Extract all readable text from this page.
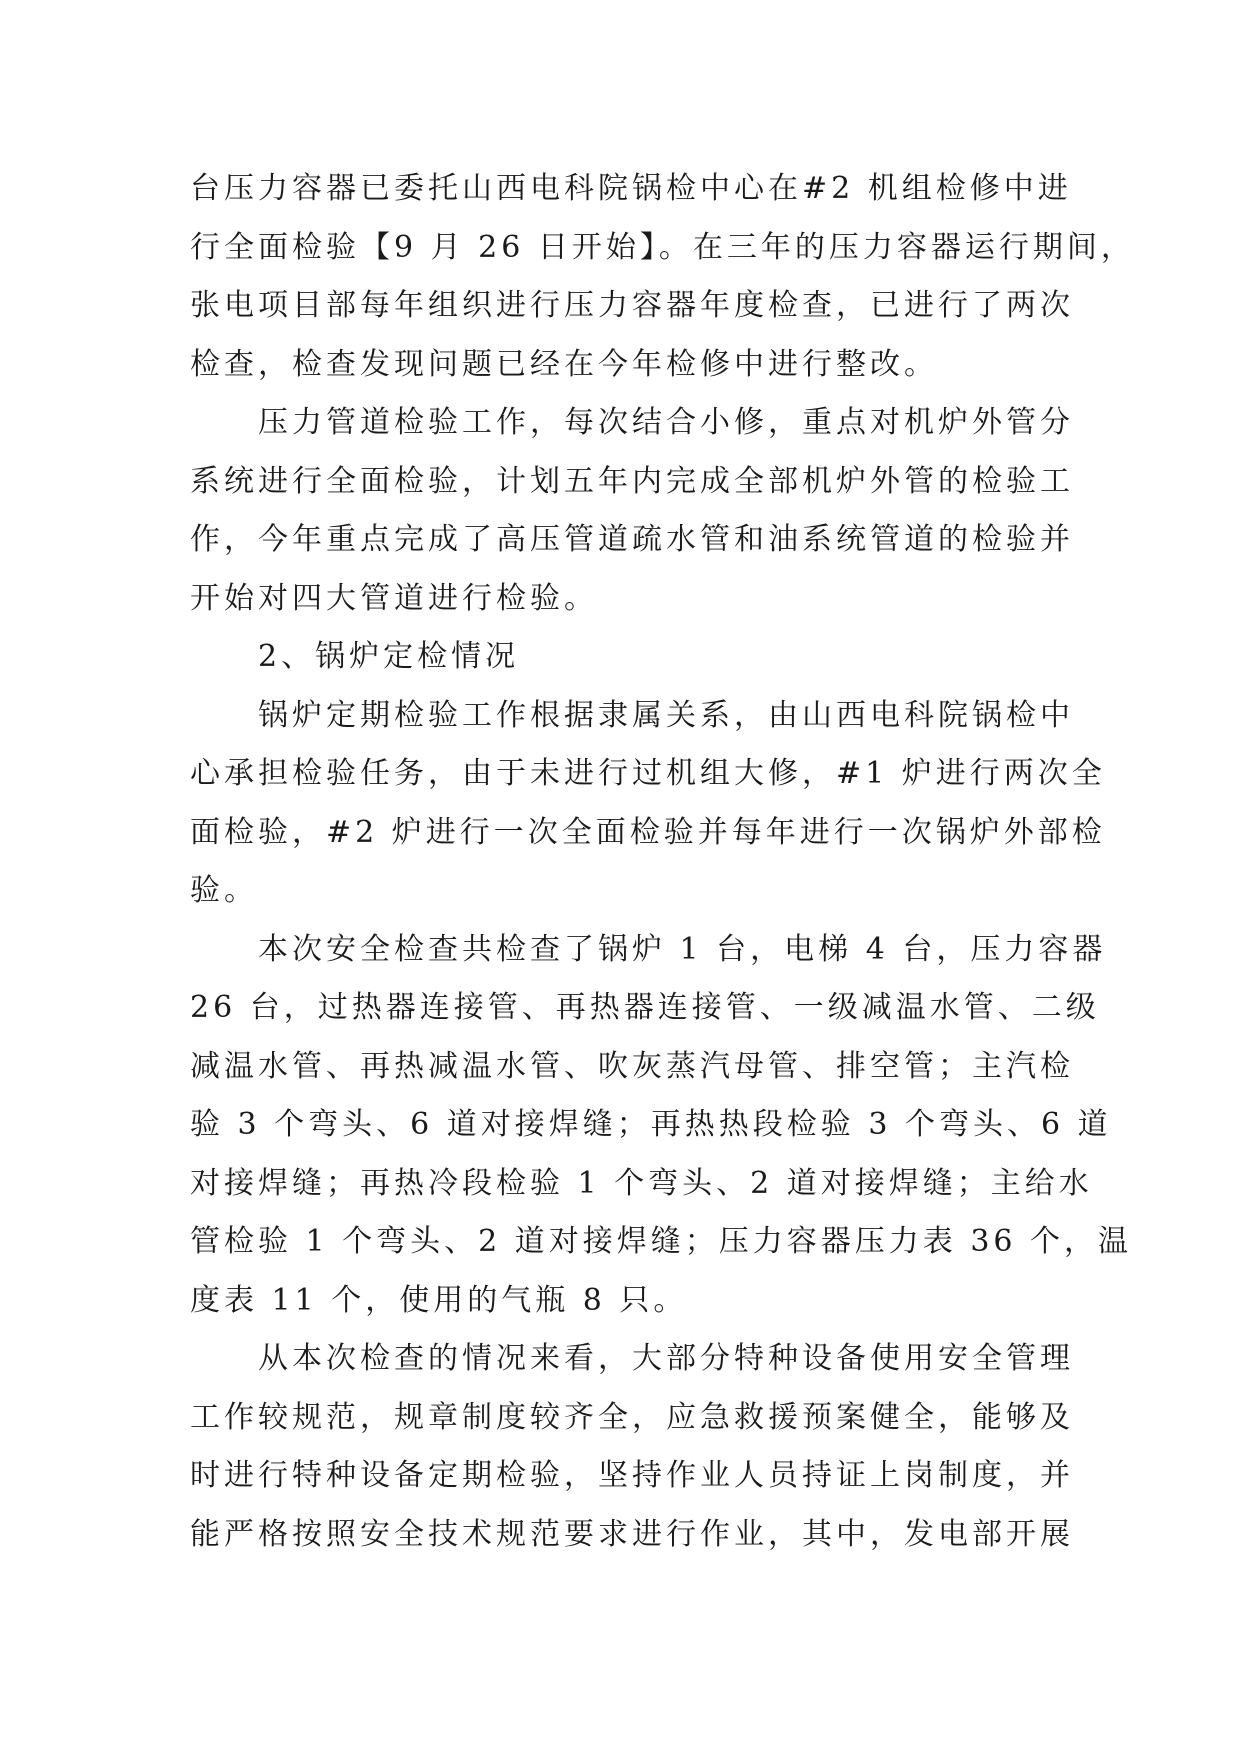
台压力容器已委托山西电科院锅检中心在#2 机组检修中进
行全面检验【9 月 26 日开始】。在三年的压力容器运行期间，
张电项目部每年组织进行压力容器年度检查，已进行了两次
检查，检查发现问题已经在今年检修中进行整改。
压力管道检验工作，每次结合小修，重点对机炉外管分
系统进行全面检验，计划五年内完成全部机炉外管的检验工
作，今年重点完成了高压管道疏水管和油系统管道的检验并
开始对四大管道进行检验。
2、锅炉定检情况
锅炉定期检验工作根据隶属关系，由山西电科院锅检中
心承担检验任务，由于未进行过机组大修，#1 炉进行两次全
面检验，#2 炉进行一次全面检验并每年进行一次锅炉外部检
验。
本次安全检查共检查了锅炉 1 台，电梯 4 台，压力容器
26 台，过热器连接管、再热器连接管、一级减温水管、二级
减温水管、再热减温水管、吹灰蒸汽母管、排空管；主汽检
验 3 个弯头、6 道对接焊缝；再热热段检验 3 个弯头、6 道
对接焊缝；再热冷段检验 1 个弯头、2 道对接焊缝；主给水
管检验 1 个弯头、2 道对接焊缝；压力容器压力表 36 个，温
度表 11 个，使用的气瓶 8 只。
从本次检查的情况来看，大部分特种设备使用安全管理
工作较规范，规章制度较齐全，应急救援预案健全，能够及
时进行特种设备定期检验，坚持作业人员持证上岗制度，并
能严格按照安全技术规范要求进行作业，其中，发电部开展
